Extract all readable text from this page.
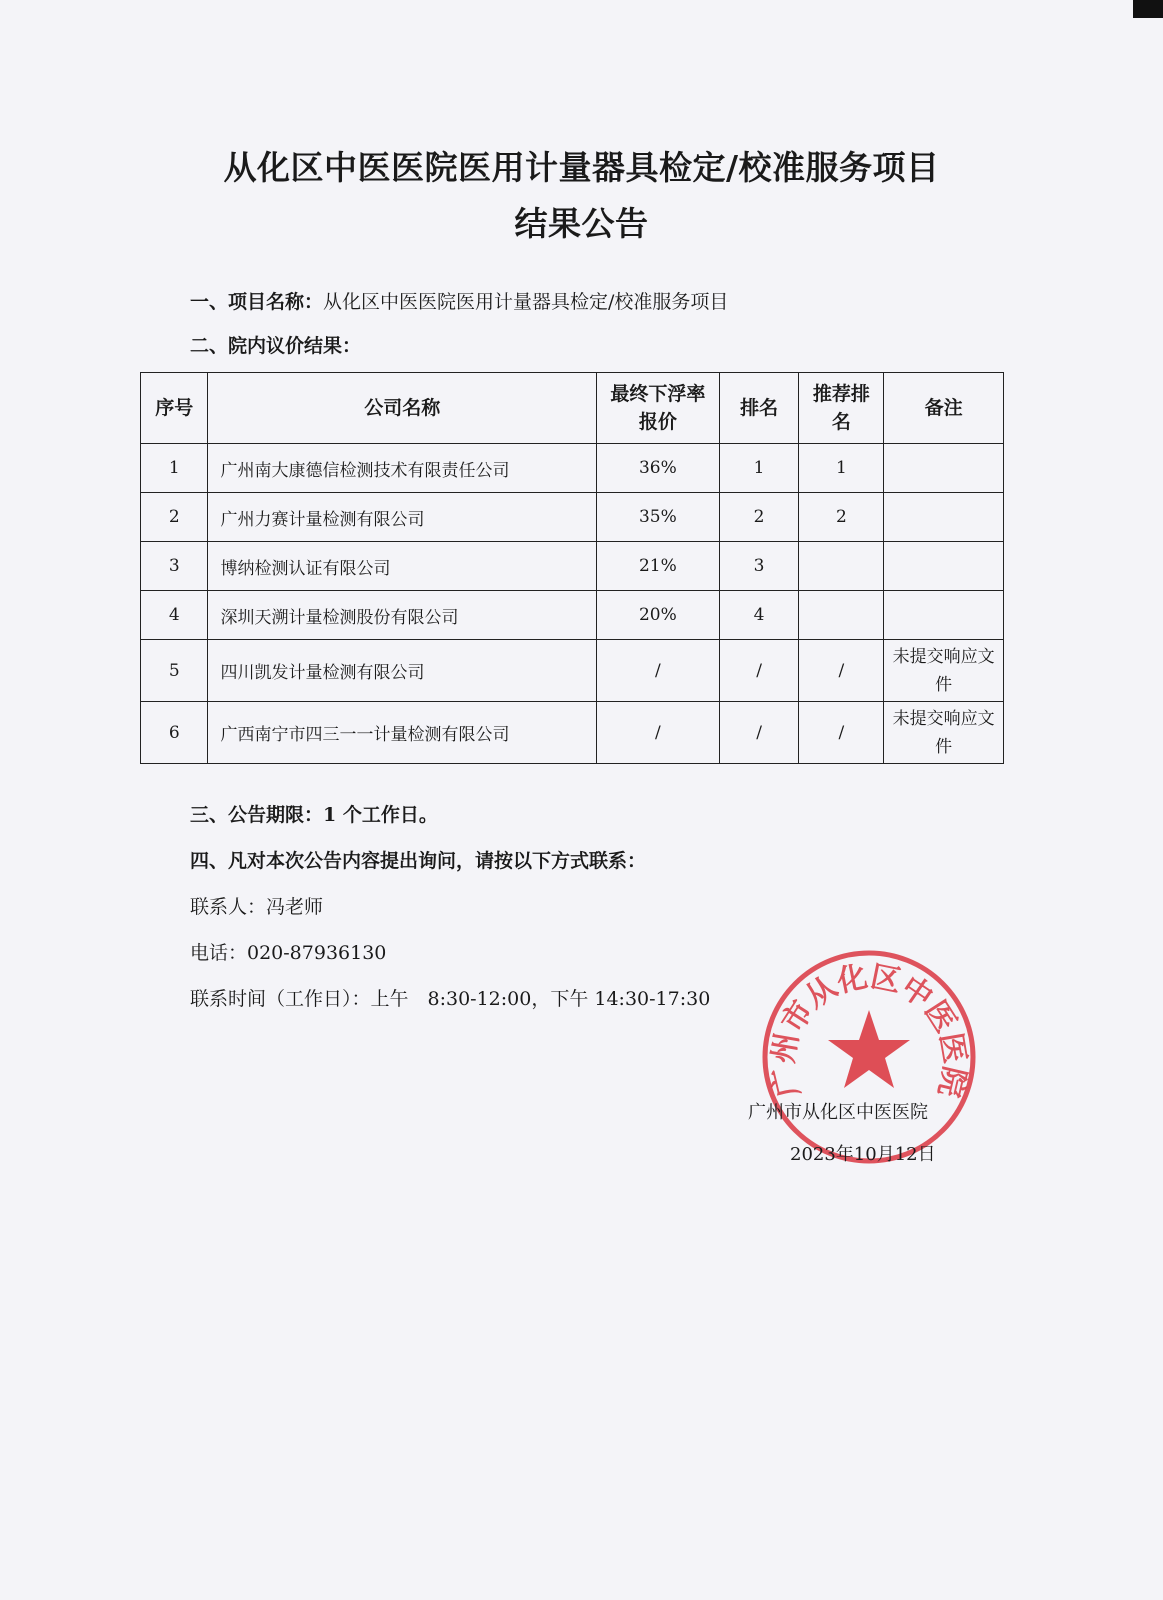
从化区中医医院医用计量器具检定/校准服务项目
结果公告
一、项目名称：从化区中医医院医用计量器具检定/校准服务项目
二、院内议价结果：
序号	公司名称	最终下浮率报价	排名	推荐排名	备注
1	广州南大康德信检测技术有限责任公司	36%	1	1	
2	广州力赛计量检测有限公司	35%	2	2	
3	博纳检测认证有限公司	21%	3		
4	深圳天溯计量检测股份有限公司	20%	4		
5	四川凯发计量检测有限公司	/	/	/	未提交响应文件
6	广西南宁市四三一一计量检测有限公司	/	/	/	未提交响应文件
三、公告期限：1 个工作日。
四、凡对本次公告内容提出询问，请按以下方式联系：
联系人：冯老师
电话：020-87936130
联系时间（工作日）：上午　8:30-12:00，下午 14:30-17:30
广州市从化区中医医院
广州市从化区中医医院
2023年10月12日
